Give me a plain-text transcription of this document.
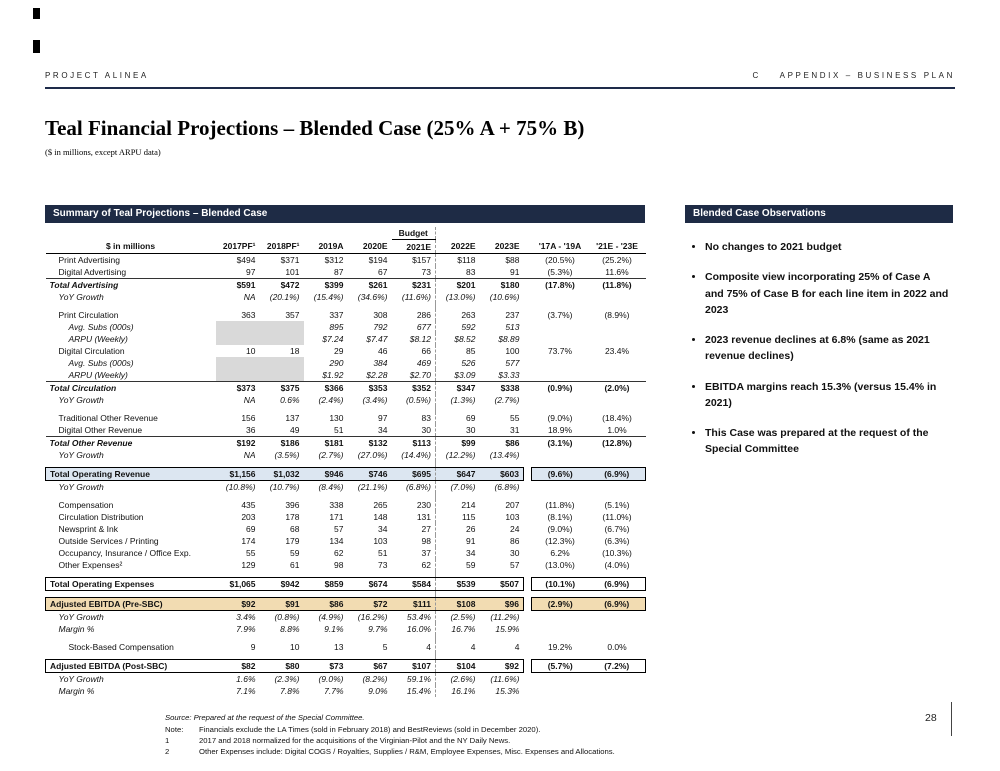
PROJECT ALINEA	C    APPENDIX – BUSINESS PLAN
Teal Financial Projections – Blended Case (25% A + 75% B)
($ in millions, except ARPU data)
Summary of Teal Projections – Blended Case
					Budget					
$ in millions	2017PF¹	2018PF¹	2019A	2020E	2021E	2022E	2023E		'17A - '19A	'21E - '23E
Print Advertising	$494	$371	$312	$194	$157	$118	$88		(20.5%)	(25.2%)
Digital Advertising	97	101	87	67	73	83	91		(5.3%)	11.6%
Total Advertising	$591	$472	$399	$261	$231	$201	$180		(17.8%)	(11.8%)
YoY Growth	NA	(20.1%)	(15.4%)	(34.6%)	(11.6%)	(13.0%)	(10.6%)			

Print Circulation	363	357	337	308	286	263	237		(3.7%)	(8.9%)
Avg. Subs (000s)			895	792	677	592	513			
ARPU (Weekly)			$7.24	$7.47	$8.12	$8.52	$8.89			
Digital Circulation	10	18	29	46	66	85	100		73.7%	23.4%
Avg. Subs (000s)			290	384	469	526	577			
ARPU (Weekly)			$1.92	$2.28	$2.70	$3.09	$3.33			
Total Circulation	$373	$375	$366	$353	$352	$347	$338		(0.9%)	(2.0%)
YoY Growth	NA	0.6%	(2.4%)	(3.4%)	(0.5%)	(1.3%)	(2.7%)			

Traditional Other Revenue	156	137	130	97	83	69	55		(9.0%)	(18.4%)
Digital Other Revenue	36	49	51	34	30	30	31		18.9%	1.0%
Total Other Revenue	$192	$186	$181	$132	$113	$99	$86		(3.1%)	(12.8%)
YoY Growth	NA	(3.5%)	(2.7%)	(27.0%)	(14.4%)	(12.2%)	(13.4%)			

Total Operating Revenue	$1,156	$1,032	$946	$746	$695	$647	$603		(9.6%)	(6.9%)
YoY Growth	(10.8%)	(10.7%)	(8.4%)	(21.1%)	(6.8%)	(7.0%)	(6.8%)			

Compensation	435	396	338	265	230	214	207		(11.8%)	(5.1%)
Circulation Distribution	203	178	171	148	131	115	103		(8.1%)	(11.0%)
Newsprint & Ink	69	68	57	34	27	26	24		(9.0%)	(6.7%)
Outside Services / Printing	174	179	134	103	98	91	86		(12.3%)	(6.3%)
Occupancy, Insurance / Office Exp.	55	59	62	51	37	34	30		6.2%	(10.3%)
Other Expenses²	129	61	98	73	62	59	57		(13.0%)	(4.0%)

Total Operating Expenses	$1,065	$942	$859	$674	$584	$539	$507		(10.1%)	(6.9%)

Adjusted EBITDA (Pre-SBC)	$92	$91	$86	$72	$111	$108	$96		(2.9%)	(6.9%)
YoY Growth	3.4%	(0.8%)	(4.9%)	(16.2%)	53.4%	(2.5%)	(11.2%)			
Margin %	7.9%	8.8%	9.1%	9.7%	16.0%	16.7%	15.9%			

Stock-Based Compensation	9	10	13	5	4	4	4		19.2%	0.0%

Adjusted EBITDA (Post-SBC)	$82	$80	$73	$67	$107	$104	$92		(5.7%)	(7.2%)
YoY Growth	1.6%	(2.3%)	(9.0%)	(8.2%)	59.1%	(2.6%)	(11.6%)			
Margin %	7.1%	7.8%	7.7%	9.0%	15.4%	16.1%	15.3%			
Blended Case Observations
• No changes to 2021 budget
• Composite view incorporating 25% of Case A and 75% of Case B for each line item in 2022 and 2023
• 2023 revenue declines at 6.8% (same as 2021 revenue declines)
• EBITDA margins reach 15.3% (versus 15.4% in 2021)
• This Case was prepared at the request of the Special Committee
Source: Prepared at the request of the Special Committee.
Note:	Financials exclude the LA Times (sold in February 2018) and BestReviews (sold in December 2020).
1	2017 and 2018 normalized for the acquisitions of the Virginian-Pilot and the NY Daily News.
2	Other Expenses include: Digital COGS / Royalties, Supplies / R&M, Employee Expenses, Misc. Expenses and Allocations.
28
